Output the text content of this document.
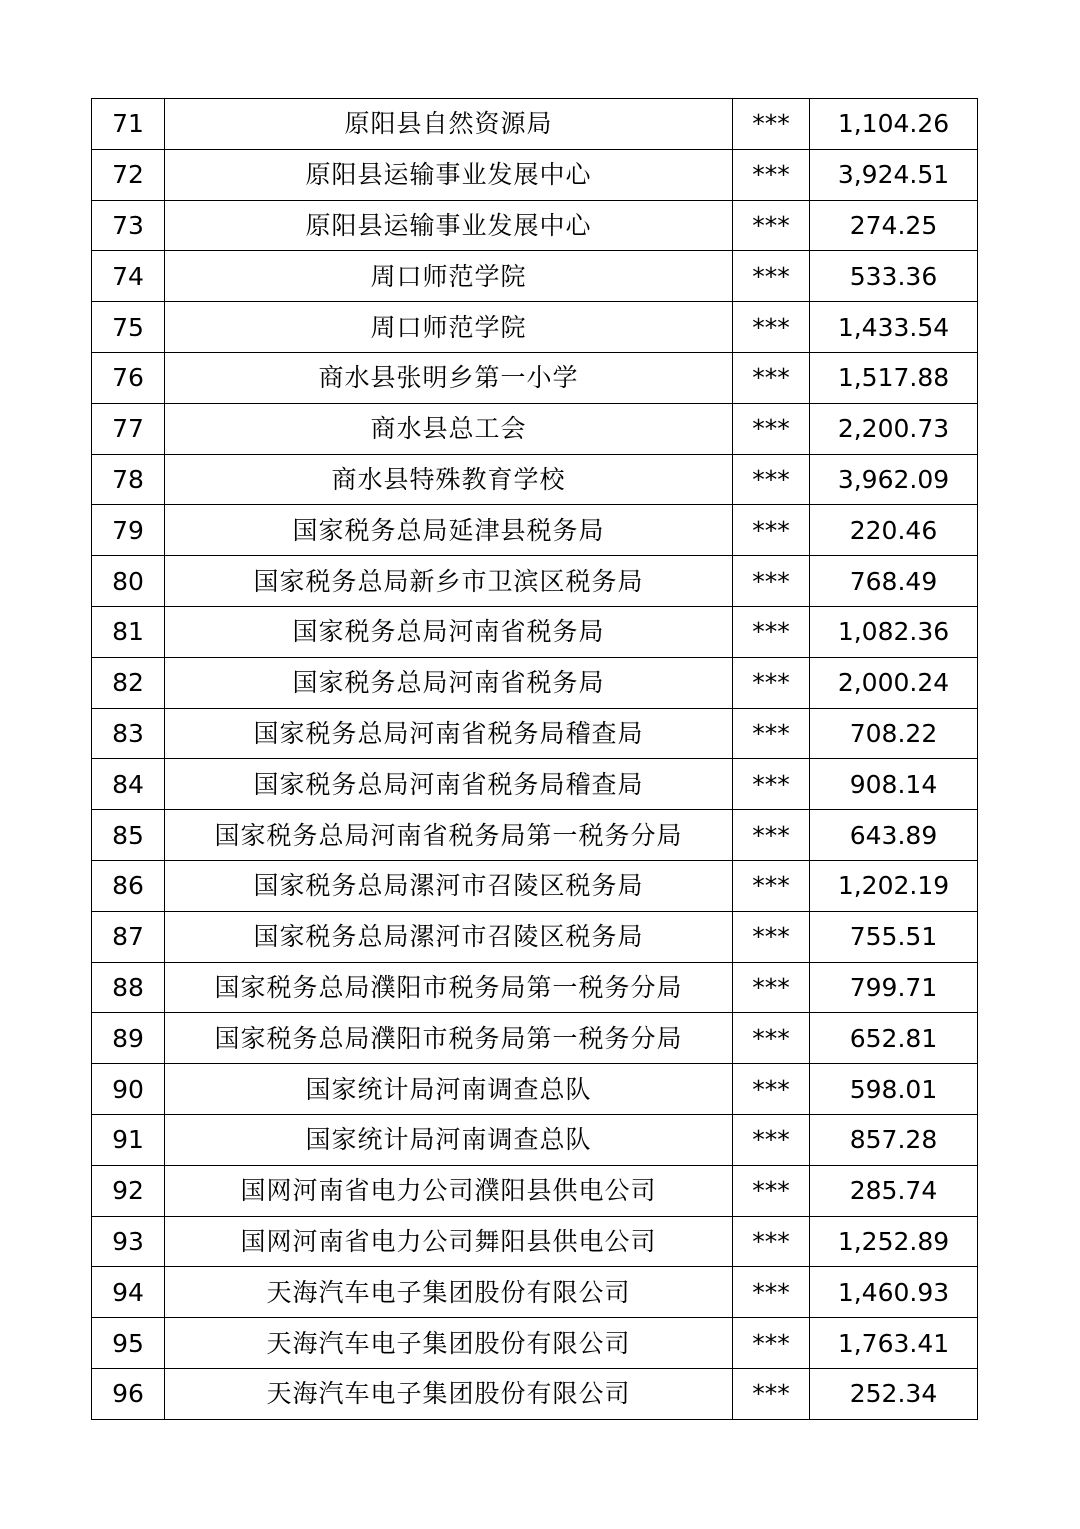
71	原阳县自然资源局	***	1,104.26
72	原阳县运输事业发展中心	***	3,924.51
73	原阳县运输事业发展中心	***	274.25
74	周口师范学院	***	533.36
75	周口师范学院	***	1,433.54
76	商水县张明乡第一小学	***	1,517.88
77	商水县总工会	***	2,200.73
78	商水县特殊教育学校	***	3,962.09
79	国家税务总局延津县税务局	***	220.46
80	国家税务总局新乡市卫滨区税务局	***	768.49
81	国家税务总局河南省税务局	***	1,082.36
82	国家税务总局河南省税务局	***	2,000.24
83	国家税务总局河南省税务局稽查局	***	708.22
84	国家税务总局河南省税务局稽查局	***	908.14
85	国家税务总局河南省税务局第一税务分局	***	643.89
86	国家税务总局漯河市召陵区税务局	***	1,202.19
87	国家税务总局漯河市召陵区税务局	***	755.51
88	国家税务总局濮阳市税务局第一税务分局	***	799.71
89	国家税务总局濮阳市税务局第一税务分局	***	652.81
90	国家统计局河南调查总队	***	598.01
91	国家统计局河南调查总队	***	857.28
92	国网河南省电力公司濮阳县供电公司	***	285.74
93	国网河南省电力公司舞阳县供电公司	***	1,252.89
94	天海汽车电子集团股份有限公司	***	1,460.93
95	天海汽车电子集团股份有限公司	***	1,763.41
96	天海汽车电子集团股份有限公司	***	252.34
